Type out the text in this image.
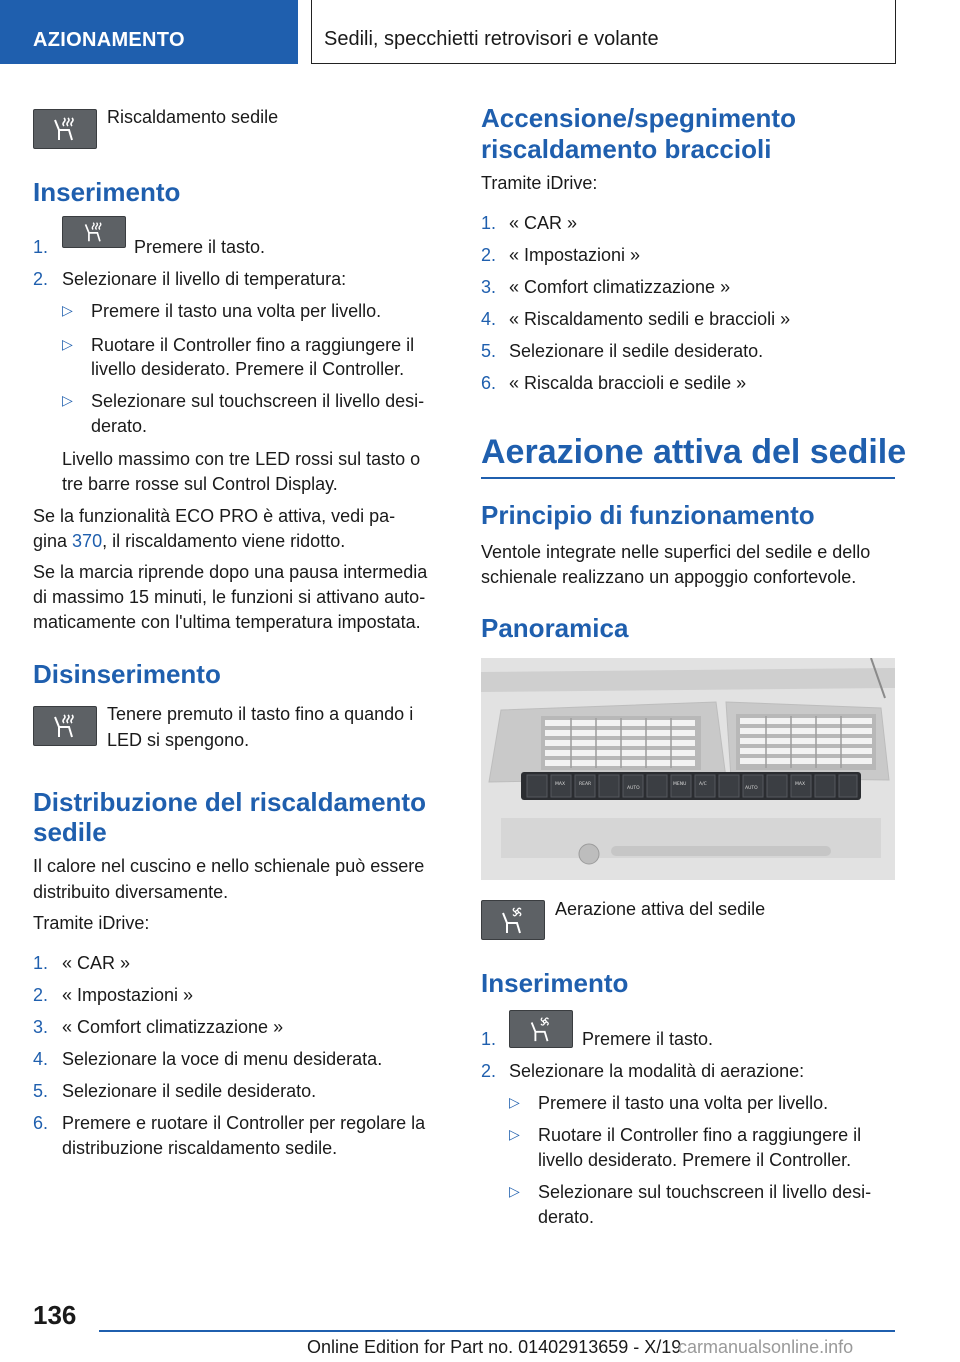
AZIONAMENTO	Sedili, specchietti retrovisori e volante
Riscaldamento sedile
Inserimento
1.	Premere il tasto.
2. Selezionare il livello di temperatura:
▷ Premere il tasto una volta per livello.
▷ Ruotare il Controller fino a raggiungere il
livello desiderato. Premere il Controller.
▷ Selezionare sul touchscreen il livello desi-
derato.
Livello massimo con tre LED rossi sul tasto o
tre barre rosse sul Control Display.
Se la funzionalità ECO PRO è attiva, vedi pa-
gina 370, il riscaldamento viene ridotto.
Se la marcia riprende dopo una pausa intermedia
di massimo 15 minuti, le funzioni si attivano auto-
maticamente con l'ultima temperatura impostata.
Disinserimento
Tenere premuto il tasto fino a quando i
LED si spengono.
Distribuzione del riscaldamento
sedile
Il calore nel cuscino e nello schienale può essere
distribuito diversamente.
Tramite iDrive:
1. « CAR »
2. « Impostazioni »
3. « Comfort climatizzazione »
4. Selezionare la voce di menu desiderata.
5. Selezionare il sedile desiderato.
6. Premere e ruotare il Controller per regolare la
distribuzione riscaldamento sedile.
Accensione/spegnimento
riscaldamento braccioli
Tramite iDrive:
1. « CAR »
2. « Impostazioni »
3. « Comfort climatizzazione »
4. « Riscaldamento sedili e braccioli »
5. Selezionare il sedile desiderato.
6. « Riscalda braccioli e sedile »
Aerazione attiva del sedile
Principio di funzionamento
Ventole integrate nelle superfici del sedile e dello
schienale realizzano un appoggio confortevole.
Panoramica
MAX	REAR
AUTO
MENU	A/C
AUTO
MAX
Aerazione attiva del sedile
Inserimento
1.	Premere il tasto.
2. Selezionare la modalità di aerazione:
▷ Premere il tasto una volta per livello.
▷ Ruotare il Controller fino a raggiungere il
livello desiderato. Premere il Controller.
▷ Selezionare sul touchscreen il livello desi-
derato.
136
Online Edition for Part no. 01402913659 - X/19
carmanualsonline.info
